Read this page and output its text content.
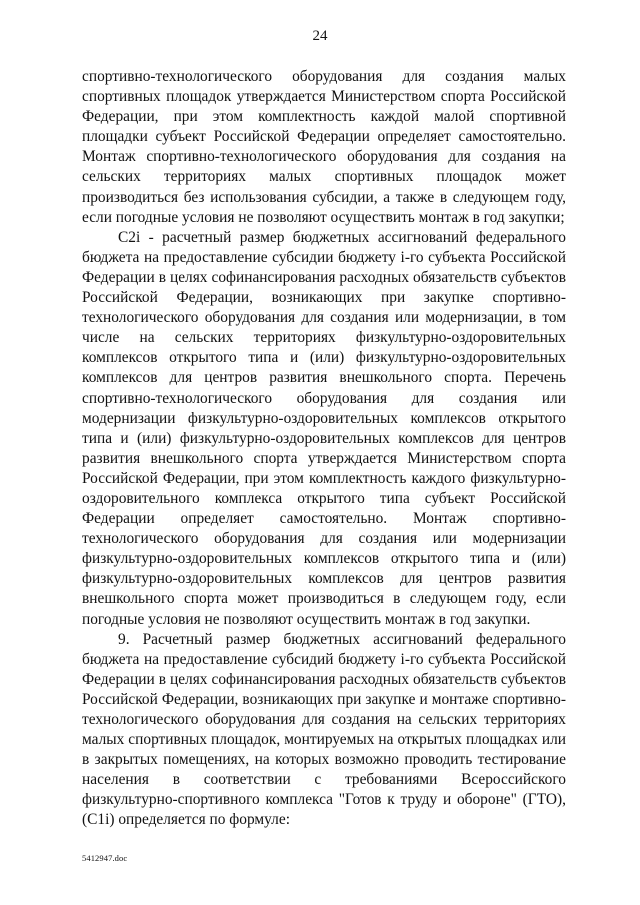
24

спортивно-технологического оборудования для создания малых спортивных площадок утверждается Министерством спорта Российской Федерации, при этом комплектность каждой малой спортивной площадки субъект Российской Федерации определяет самостоятельно. Монтаж спортивно-технологического оборудования для создания на сельских территориях малых спортивных площадок может производиться без использования субсидии, а также в следующем году, если погодные условия не позволяют осуществить монтаж в год закупки;

C2i - расчетный размер бюджетных ассигнований федерального бюджета на предоставление субсидии бюджету i-го субъекта Российской Федерации в целях софинансирования расходных обязательств субъектов Российской Федерации, возникающих при закупке спортивно-технологического оборудования для создания или модернизации, в том числе на сельских территориях физкультурно-оздоровительных комплексов открытого типа и (или) физкультурно-оздоровительных комплексов для центров развития внешкольного спорта. Перечень спортивно-технологического оборудования для создания или модернизации физкультурно-оздоровительных комплексов открытого типа и (или) физкультурно-оздоровительных комплексов для центров развития внешкольного спорта утверждается Министерством спорта Российской Федерации, при этом комплектность каждого физкультурно-оздоровительного комплекса открытого типа субъект Российской Федерации определяет самостоятельно. Монтаж спортивно-технологического оборудования для создания или модернизации физкультурно-оздоровительных комплексов открытого типа и (или) физкультурно-оздоровительных комплексов для центров развития внешкольного спорта может производиться в следующем году, если погодные условия не позволяют осуществить монтаж в год закупки.

9. Расчетный размер бюджетных ассигнований федерального бюджета на предоставление субсидий бюджету i-го субъекта Российской Федерации в целях софинансирования расходных обязательств субъектов Российской Федерации, возникающих при закупке и монтаже спортивно-технологического оборудования для создания на сельских территориях малых спортивных площадок, монтируемых на открытых площадках или в закрытых помещениях, на которых возможно проводить тестирование населения в соответствии с требованиями Всероссийского физкультурно-спортивного комплекса "Готов к труду и обороне" (ГТО), (C1i) определяется по формуле:

5412947.doc
